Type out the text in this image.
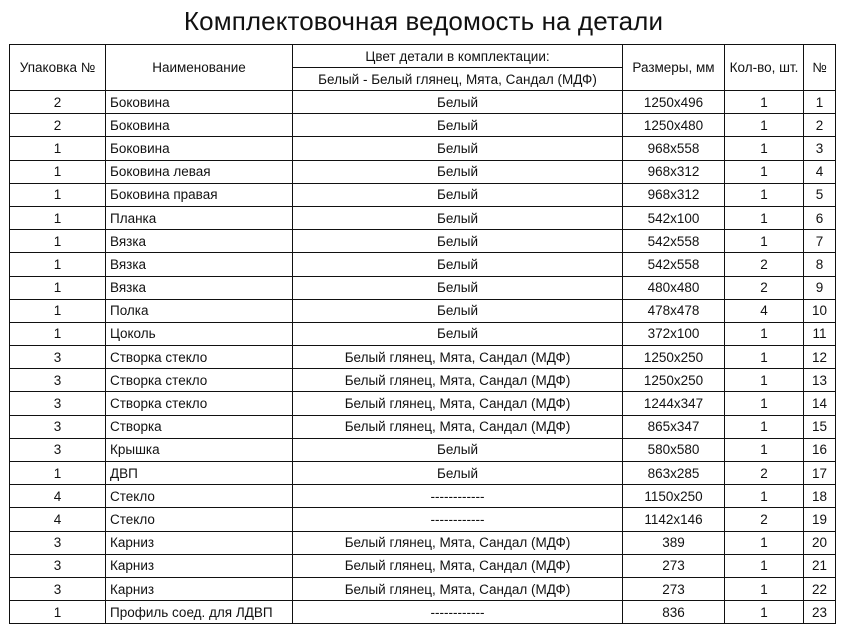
Комплектовочная ведомость на детали
Упаковка №	Наименование	Цвет детали в комплектации:	Размеры, мм	Кол-во, шт.	№
		Белый - Белый глянец, Мята, Сандал (МДФ)			
2	Боковина	Белый	1250x496	1	1
2	Боковина	Белый	1250x480	1	2
1	Боковина	Белый	968x558	1	3
1	Боковина левая	Белый	968x312	1	4
1	Боковина правая	Белый	968x312	1	5
1	Планка	Белый	542x100	1	6
1	Вязка	Белый	542x558	1	7
1	Вязка	Белый	542x558	2	8
1	Вязка	Белый	480x480	2	9
1	Полка	Белый	478x478	4	10
1	Цоколь	Белый	372x100	1	11
3	Створка стекло	Белый глянец, Мята, Сандал (МДФ)	1250x250	1	12
3	Створка стекло	Белый глянец, Мята, Сандал (МДФ)	1250x250	1	13
3	Створка стекло	Белый глянец, Мята, Сандал (МДФ)	1244x347	1	14
3	Створка	Белый глянец, Мята, Сандал (МДФ)	865x347	1	15
3	Крышка	Белый	580x580	1	16
1	ДВП	Белый	863x285	2	17
4	Стекло	------------	1150x250	1	18
4	Стекло	------------	1142x146	2	19
3	Карниз	Белый глянец, Мята, Сандал (МДФ)	389	1	20
3	Карниз	Белый глянец, Мята, Сандал (МДФ)	273	1	21
3	Карниз	Белый глянец, Мята, Сандал (МДФ)	273	1	22
1	Профиль соед. для ЛДВП	------------	836	1	23
